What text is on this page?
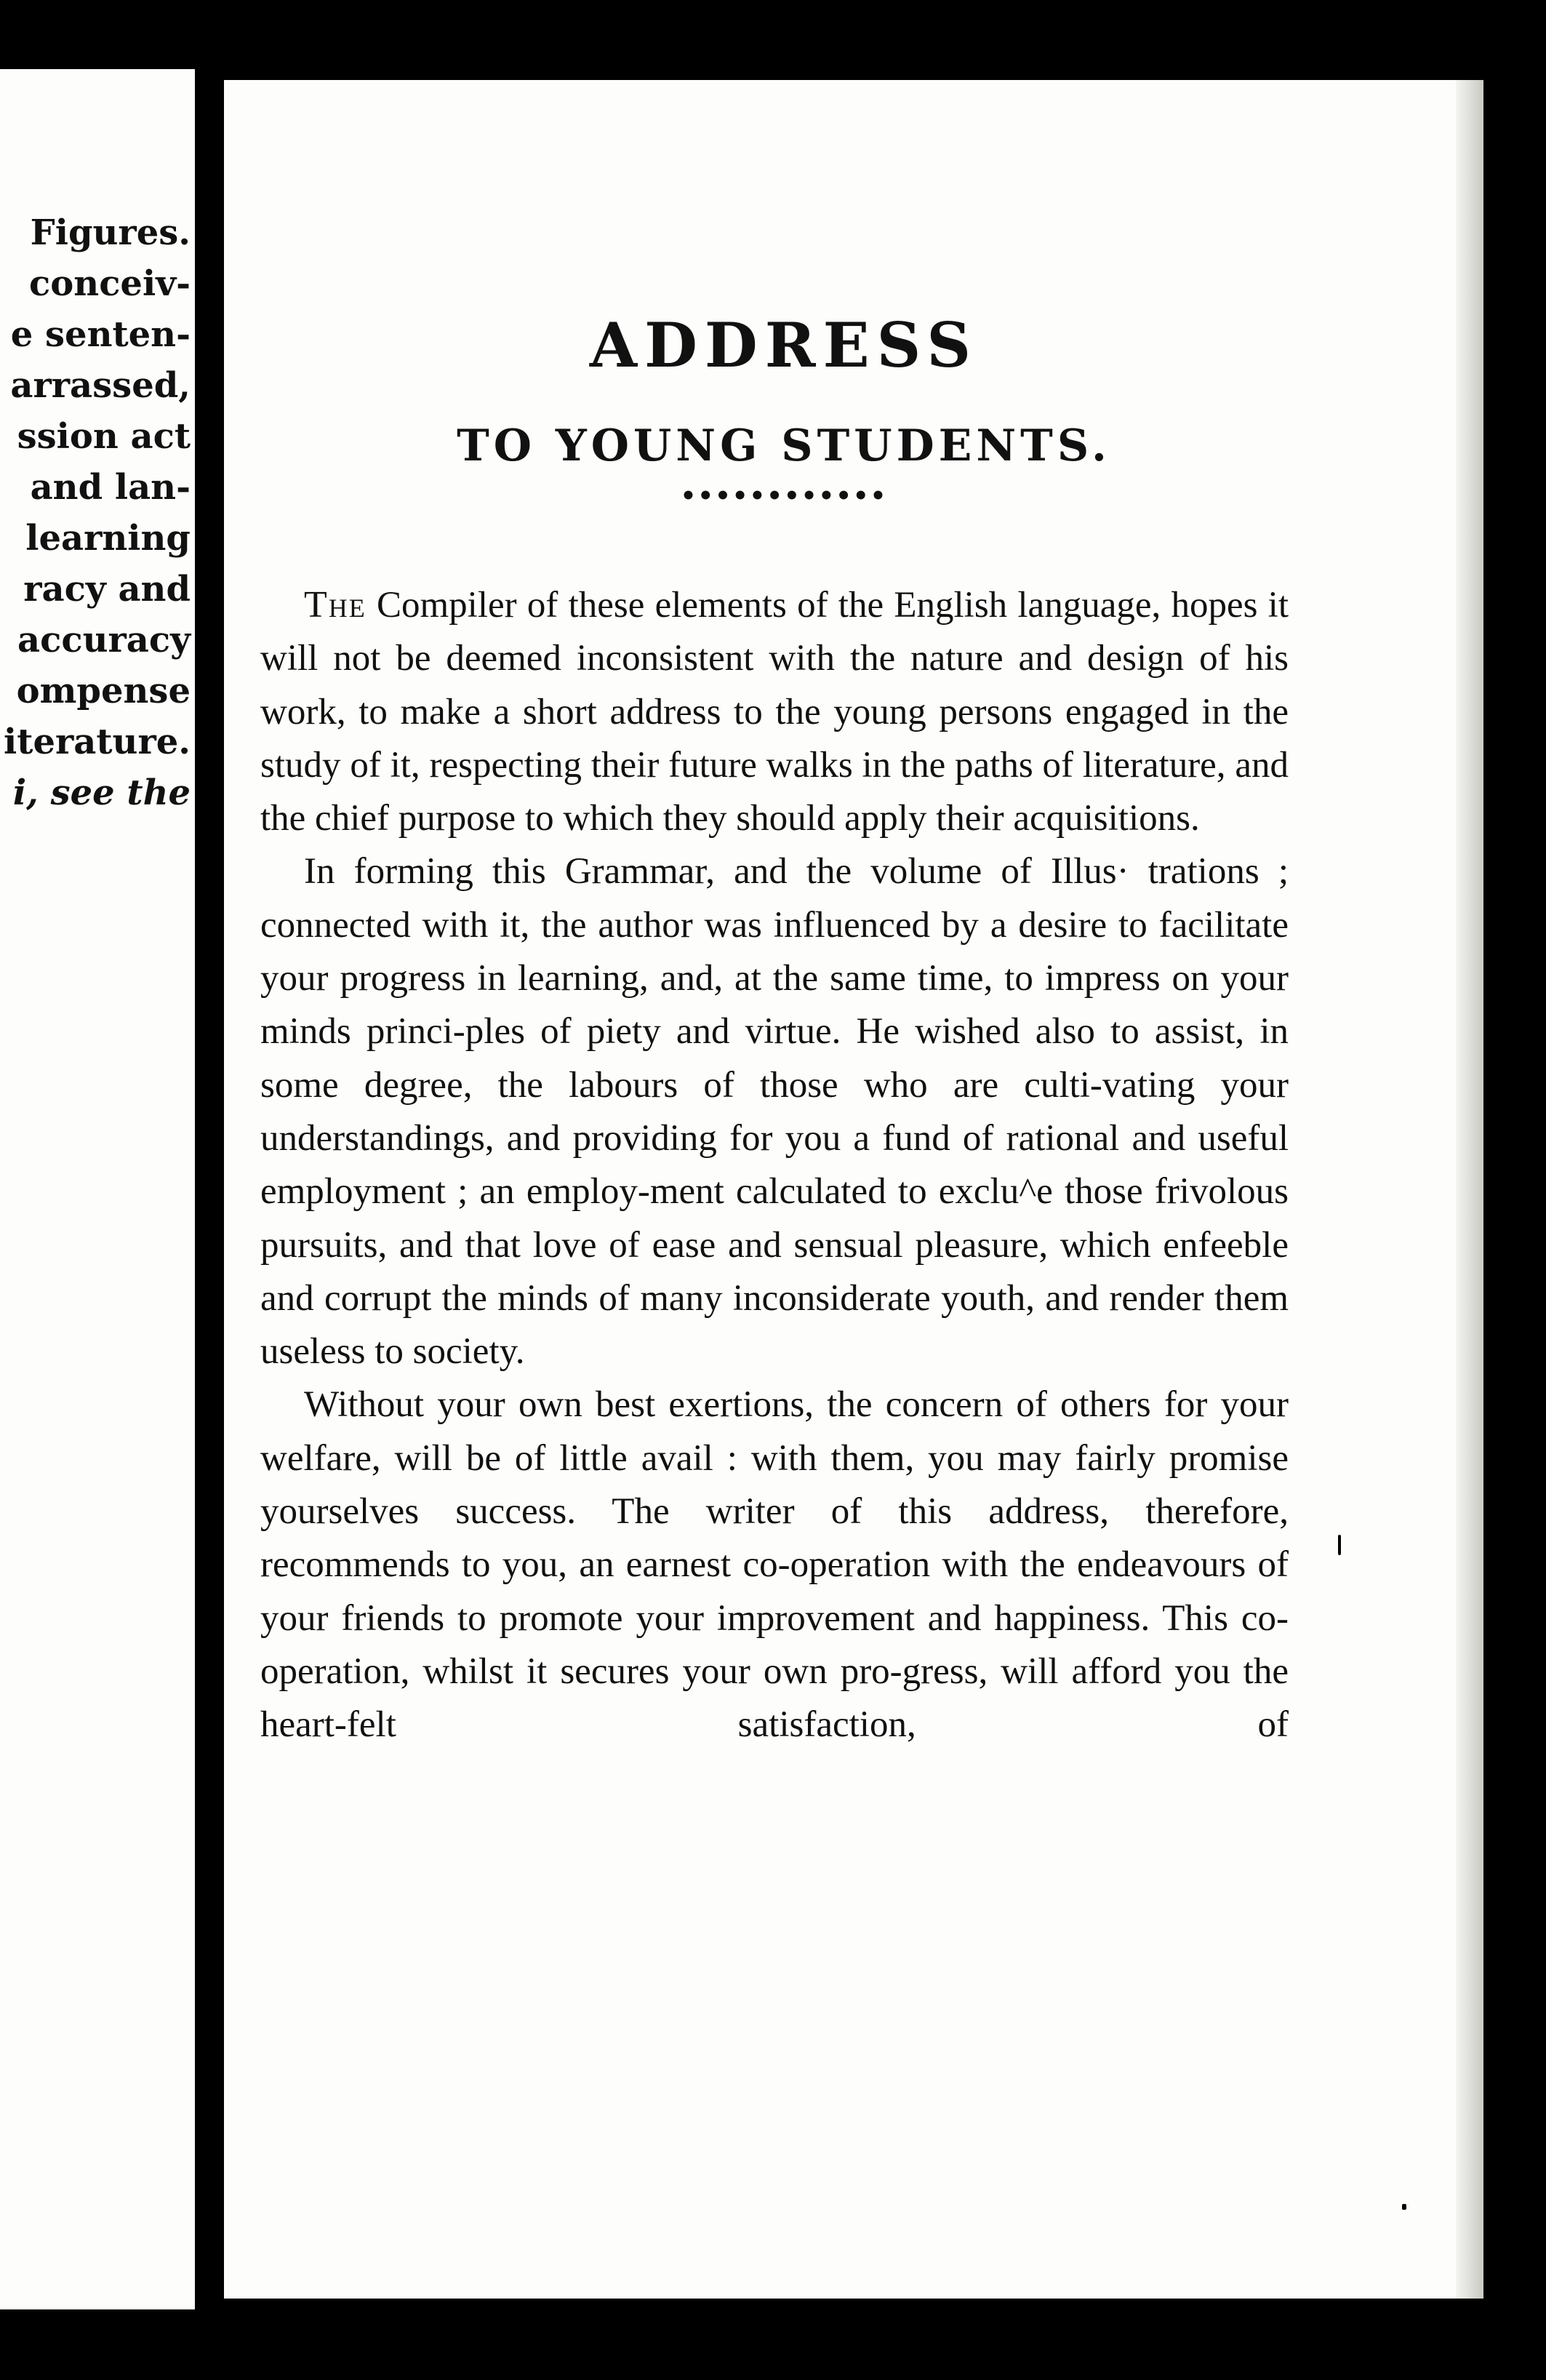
Figures.
conceiv-
e senten-
arrassed,
ssion act
and lan-
learning
racy and
accuracy
ompense
iterature.
i, see the
ADDRESS
TO YOUNG STUDENTS.
••••••••••••

The Compiler of these elements of the English language, hopes it will not be deemed inconsistent with the nature and design of his work, to make a short address to the young persons engaged in the study of it, respecting their future walks in the paths of literature, and the chief purpose to which they should apply their acquisitions.

In forming this Grammar, and the volume of Illus· trations ; connected with it, the author was influenced by a desire to facilitate your progress in learning, and, at the same time, to impress on your minds princi-ples of piety and virtue. He wished also to assist, in some degree, the labours of those who are culti-vating your understandings, and providing for you a fund of rational and useful employment ; an employ-ment calculated to exclu^e those frivolous pursuits, and that love of ease and sensual pleasure, which enfeeble and corrupt the minds of many inconsiderate youth, and render them useless to society.

Without your own best exertions, the concern of others for your welfare, will be of little avail : with them, you may fairly promise yourselves success. The writer of this address, therefore, recommends to you, an earnest co-operation with the endeavours of your friends to promote your improvement and happiness. This co-operation, whilst it secures your own pro-gress, will afford you the heart-felt satisfaction, of
